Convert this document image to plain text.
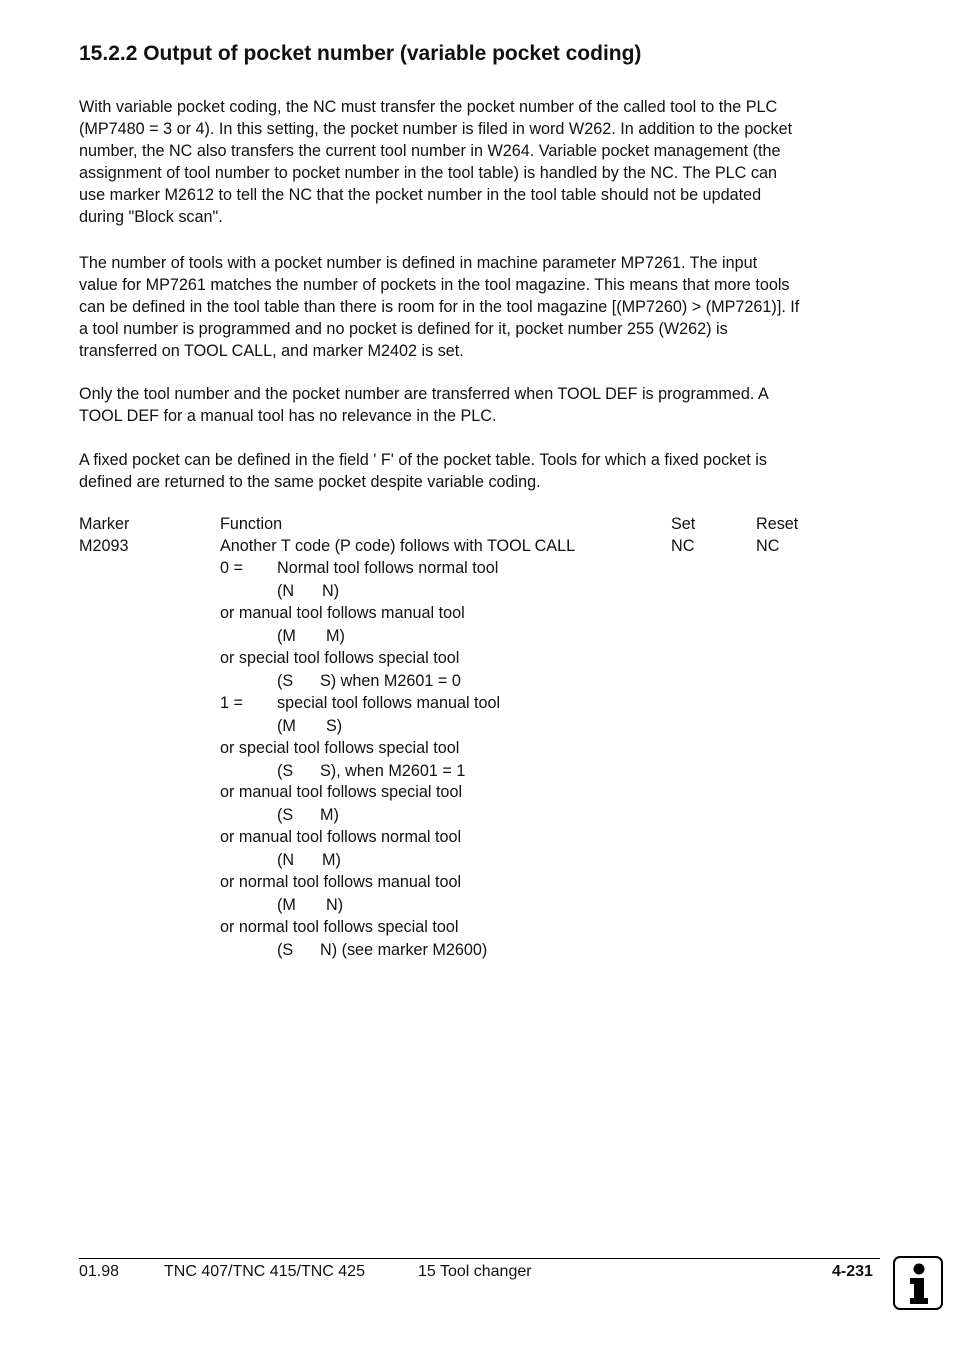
15.2.2 Output of pocket number (variable pocket coding)
With variable pocket coding, the NC must transfer the pocket number of the called tool to the PLC
(MP7480 = 3 or 4). In this setting, the pocket number is filed in word W262. In addition to the pocket
number, the NC also transfers the current tool number in W264. Variable pocket management (the
assignment of tool number to pocket number in the tool table) is handled by the NC. The PLC can
use marker M2612 to tell the NC that the pocket number in the tool table should not be updated
during "Block scan".
The number of tools with a pocket number is defined in machine parameter MP7261. The input
value for MP7261 matches the number of pockets in the tool magazine. This means that more tools
can be defined in the tool table than there is room for in the tool magazine [(MP7260) > (MP7261)]. If
a tool number is programmed and no pocket is defined for it, pocket number 255 (W262) is
transferred on TOOL CALL, and marker M2402 is set.
Only the tool number and the pocket number are transferred when TOOL DEF is programmed. A
TOOL DEF for a manual tool has no relevance in the PLC.
A fixed pocket can be defined in the field ' F' of the pocket table. Tools for which a fixed pocket is
defined are returned to the same pocket despite variable coding.
Marker	Function	Set	Reset
M2093	Another T code (P code) follows with TOOL CALL	NC	NC
0 = Normal tool follows normal tool
(N N)
or manual tool follows manual tool
(M M)
or special tool follows special tool
(S S) when M2601 = 0
1 = special tool follows manual tool
(M S)
or special tool follows special tool
(S S), when M2601 = 1
or manual tool follows special tool
(S M)
or manual tool follows normal tool
(N M)
or normal tool follows manual tool
(M N)
or normal tool follows special tool
(S N) (see marker M2600)
01.98	TNC 407/TNC 415/TNC 425	15 Tool changer	4-231
